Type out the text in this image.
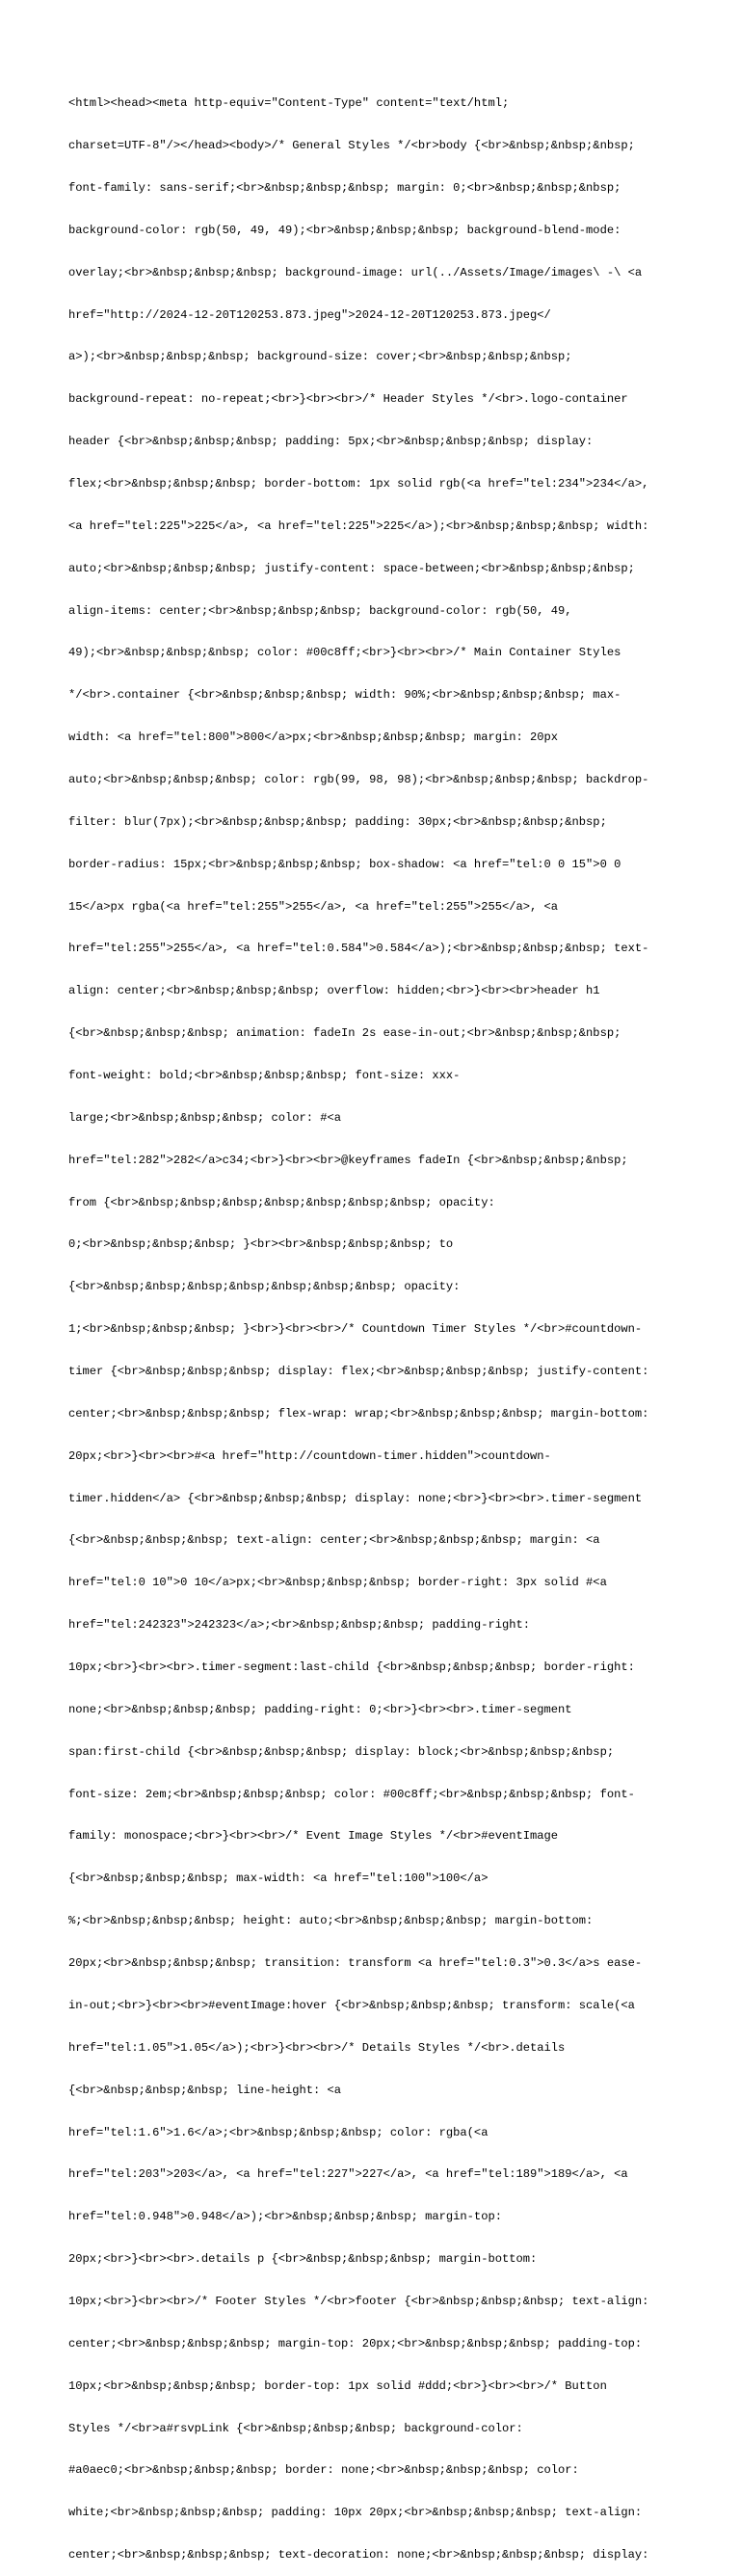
<html><head><meta http-equiv="Content-Type" content="text/html;

charset=UTF-8"/></head><body>/* General Styles */<br>body {<br>&nbsp;&nbsp;&nbsp;

font-family: sans-serif;<br>&nbsp;&nbsp;&nbsp; margin: 0;<br>&nbsp;&nbsp;&nbsp;

background-color: rgb(50, 49, 49);<br>&nbsp;&nbsp;&nbsp; background-blend-mode:

overlay;<br>&nbsp;&nbsp;&nbsp; background-image: url(../Assets/Image/images\ -\ <a

href="http://2024-12-20T120253.873.jpeg">2024-12-20T120253.873.jpeg</

a>);<br>&nbsp;&nbsp;&nbsp; background-size: cover;<br>&nbsp;&nbsp;&nbsp;

background-repeat: no-repeat;<br>}<br><br>/* Header Styles */<br>.logo-container

header {<br>&nbsp;&nbsp;&nbsp; padding: 5px;<br>&nbsp;&nbsp;&nbsp; display:

flex;<br>&nbsp;&nbsp;&nbsp; border-bottom: 1px solid rgb(<a href="tel:234">234</a>,

<a href="tel:225">225</a>, <a href="tel:225">225</a>);<br>&nbsp;&nbsp;&nbsp; width:

auto;<br>&nbsp;&nbsp;&nbsp; justify-content: space-between;<br>&nbsp;&nbsp;&nbsp;

align-items: center;<br>&nbsp;&nbsp;&nbsp; background-color: rgb(50, 49,

49);<br>&nbsp;&nbsp;&nbsp; color: #00c8ff;<br>}<br><br>/* Main Container Styles

*/<br>.container {<br>&nbsp;&nbsp;&nbsp; width: 90%;<br>&nbsp;&nbsp;&nbsp; max-

width: <a href="tel:800">800</a>px;<br>&nbsp;&nbsp;&nbsp; margin: 20px

auto;<br>&nbsp;&nbsp;&nbsp; color: rgb(99, 98, 98);<br>&nbsp;&nbsp;&nbsp; backdrop-

filter: blur(7px);<br>&nbsp;&nbsp;&nbsp; padding: 30px;<br>&nbsp;&nbsp;&nbsp;

border-radius: 15px;<br>&nbsp;&nbsp;&nbsp; box-shadow: <a href="tel:0 0 15">0 0

15</a>px rgba(<a href="tel:255">255</a>, <a href="tel:255">255</a>, <a

href="tel:255">255</a>, <a href="tel:0.584">0.584</a>);<br>&nbsp;&nbsp;&nbsp; text-

align: center;<br>&nbsp;&nbsp;&nbsp; overflow: hidden;<br>}<br><br>header h1

{<br>&nbsp;&nbsp;&nbsp; animation: fadeIn 2s ease-in-out;<br>&nbsp;&nbsp;&nbsp;

font-weight: bold;<br>&nbsp;&nbsp;&nbsp; font-size: xxx-

large;<br>&nbsp;&nbsp;&nbsp; color: #<a

href="tel:282">282</a>c34;<br>}<br><br>@keyframes fadeIn {<br>&nbsp;&nbsp;&nbsp;

from {<br>&nbsp;&nbsp;&nbsp;&nbsp;&nbsp;&nbsp;&nbsp; opacity:

0;<br>&nbsp;&nbsp;&nbsp; }<br><br>&nbsp;&nbsp;&nbsp; to

{<br>&nbsp;&nbsp;&nbsp;&nbsp;&nbsp;&nbsp;&nbsp; opacity:

1;<br>&nbsp;&nbsp;&nbsp; }<br>}<br><br>/* Countdown Timer Styles */<br>#countdown-

timer {<br>&nbsp;&nbsp;&nbsp; display: flex;<br>&nbsp;&nbsp;&nbsp; justify-content:

center;<br>&nbsp;&nbsp;&nbsp; flex-wrap: wrap;<br>&nbsp;&nbsp;&nbsp; margin-bottom:

20px;<br>}<br><br>#<a href="http://countdown-timer.hidden">countdown-

timer.hidden</a> {<br>&nbsp;&nbsp;&nbsp; display: none;<br>}<br><br>.timer-segment

{<br>&nbsp;&nbsp;&nbsp; text-align: center;<br>&nbsp;&nbsp;&nbsp; margin: <a

href="tel:0 10">0 10</a>px;<br>&nbsp;&nbsp;&nbsp; border-right: 3px solid #<a

href="tel:242323">242323</a>;<br>&nbsp;&nbsp;&nbsp; padding-right:

10px;<br>}<br><br>.timer-segment:last-child {<br>&nbsp;&nbsp;&nbsp; border-right:

none;<br>&nbsp;&nbsp;&nbsp; padding-right: 0;<br>}<br><br>.timer-segment

span:first-child {<br>&nbsp;&nbsp;&nbsp; display: block;<br>&nbsp;&nbsp;&nbsp;

font-size: 2em;<br>&nbsp;&nbsp;&nbsp; color: #00c8ff;<br>&nbsp;&nbsp;&nbsp; font-

family: monospace;<br>}<br><br>/* Event Image Styles */<br>#eventImage

{<br>&nbsp;&nbsp;&nbsp; max-width: <a href="tel:100">100</a>

%;<br>&nbsp;&nbsp;&nbsp; height: auto;<br>&nbsp;&nbsp;&nbsp; margin-bottom:

20px;<br>&nbsp;&nbsp;&nbsp; transition: transform <a href="tel:0.3">0.3</a>s ease-

in-out;<br>}<br><br>#eventImage:hover {<br>&nbsp;&nbsp;&nbsp; transform: scale(<a

href="tel:1.05">1.05</a>);<br>}<br><br>/* Details Styles */<br>.details

{<br>&nbsp;&nbsp;&nbsp; line-height: <a

href="tel:1.6">1.6</a>;<br>&nbsp;&nbsp;&nbsp; color: rgba(<a

href="tel:203">203</a>, <a href="tel:227">227</a>, <a href="tel:189">189</a>, <a

href="tel:0.948">0.948</a>);<br>&nbsp;&nbsp;&nbsp; margin-top:

20px;<br>}<br><br>.details p {<br>&nbsp;&nbsp;&nbsp; margin-bottom:

10px;<br>}<br><br>/* Footer Styles */<br>footer {<br>&nbsp;&nbsp;&nbsp; text-align:

center;<br>&nbsp;&nbsp;&nbsp; margin-top: 20px;<br>&nbsp;&nbsp;&nbsp; padding-top:

10px;<br>&nbsp;&nbsp;&nbsp; border-top: 1px solid #ddd;<br>}<br><br>/* Button

Styles */<br>a#rsvpLink {<br>&nbsp;&nbsp;&nbsp; background-color:

#a0aec0;<br>&nbsp;&nbsp;&nbsp; border: none;<br>&nbsp;&nbsp;&nbsp; color:

white;<br>&nbsp;&nbsp;&nbsp; padding: 10px 20px;<br>&nbsp;&nbsp;&nbsp; text-align:

center;<br>&nbsp;&nbsp;&nbsp; text-decoration: none;<br>&nbsp;&nbsp;&nbsp; display:
